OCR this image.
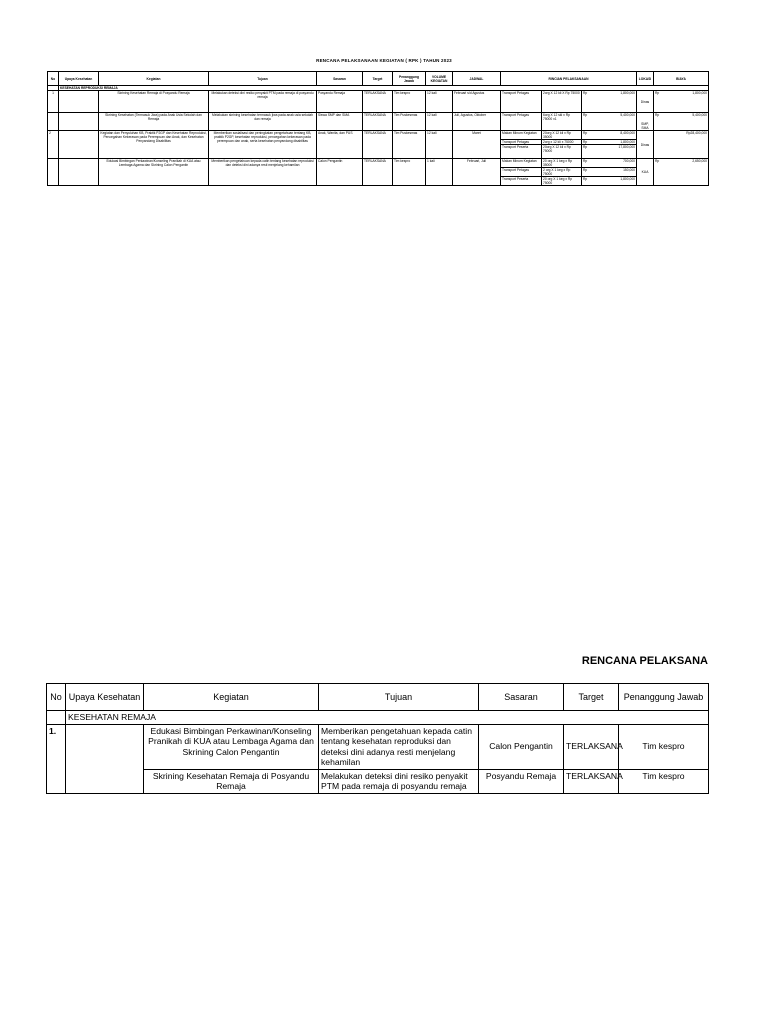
RENCANA PELAKSANAAN KEGIATAN ( RPK ) TAHUN 2023
No	Upaya Kesehatan	Kegiatan	Tujuan	Sasaran	Target	Penanggung Jawab	VOLUME KEGIATAN	JADWAL	RINCIAN PELAKSANAAN			LOKASI	BIAYA
	KESEHATAN REPRODUKSI REMAJA												
1		Skrining Kesehatan Remaja di Posyandu Remaja	Melakukan deteksi dini resiko penyakit PTM pada remaja di posyandu remaja	Posyandu Remaja	TERLAKSANA	Tim kespro	12 kali	Februari s/d Agustus	Transport Petugas	2org X 12 kli X Rp 75000	Rp 1,800,000	Dinas	Rp 1,800,000

		Skrining Kesehatan (Termasuk Jiwa) pada Anak Usia Sekolah dan Remaja	Melakukan skrining kesehatan termasuk jiwa pada anak usia sekolah dan remaja	Siswa SMP dan SMA	TERLAKSANA	Tim Puskesmas	12 kali	Juli, Agustus, Oktober	Transport Petugas	6org X 12 skl x Rp 75000 x1	Rp 5,400,000	SMP, SMA	Rp 5,400,000

2		Kegiatan dan Penyuluhan KB, Praktik P2GP dan Kesehatan Reproduksi, Pencegahan Kekerasan pada Perempuan dan Anak, dan Kesehatan Penyandang Disabilitas	Memberikan sosialisasi dan peningkatan pengetahuan tentang KB, praktik P2GP, kesehatan reproduksi, pencegahan kekerasan pada perempuan dan anak, serta kesehatan penyandang disabilitas	Anak, Wanita, dan PUS	TERLAKSANA	Tim Puskesmas	12 kali	Maret	Makan Minum Kegiatan	20org X 12 kli x Rp 35000	Rp 8,400,000	Dinas	Rp28,400,000
									Transport Petugas	2org x 12 kli x 75000	Rp 1,800,000		

									Transport Peserta	20org X 12 kli x Rp 75000	Rp 17,800,000		

		Edukasi Bimbingan Perkawinan/Konseling Pranikah di KUA atau Lembaga Agama dan Skrining Calon Pengantin	Memberikan pengetahuan kepada catin tentang kesehatan reproduksi dan deteksi dini adanya resti menjelang kehamilan	Calon Pengantin	TERLAKSANA	Tim kespro	1 kali	Februari, Juli	Makan Minum Kegiatan	20 org X 1 keg x Rp 35000	Rp 700,000	KUA	Rp 2,650,000

									Transport Petugas	2 org X 1 keg x Rp 75000	Rp 150,000		

									Transport Peserta	20 org X 1 keg x Rp 75000	Rp 1,800,000		
RENCANA PELAKSANA
No	Upaya Kesehatan	Kegiatan	Tujuan	Sasaran	Target	Penanggung Jawab
	KESEHATAN REMAJA					
1.		Edukasi Bimbingan Perkawinan/Konseling Pranikah di KUA atau Lembaga Agama dan Skrining Calon Pengantin	Memberikan pengetahuan kepada catin tentang kesehatan reproduksi dan deteksi dini adanya resti menjelang kehamilan	Calon Pengantin	TERLAKSANA	Tim kespro
		Skrining Kesehatan Remaja di Posyandu Remaja	Melakukan deteksi dini resiko penyakit PTM pada remaja di posyandu remaja	Posyandu Remaja	TERLAKSANA	Tim kespro
